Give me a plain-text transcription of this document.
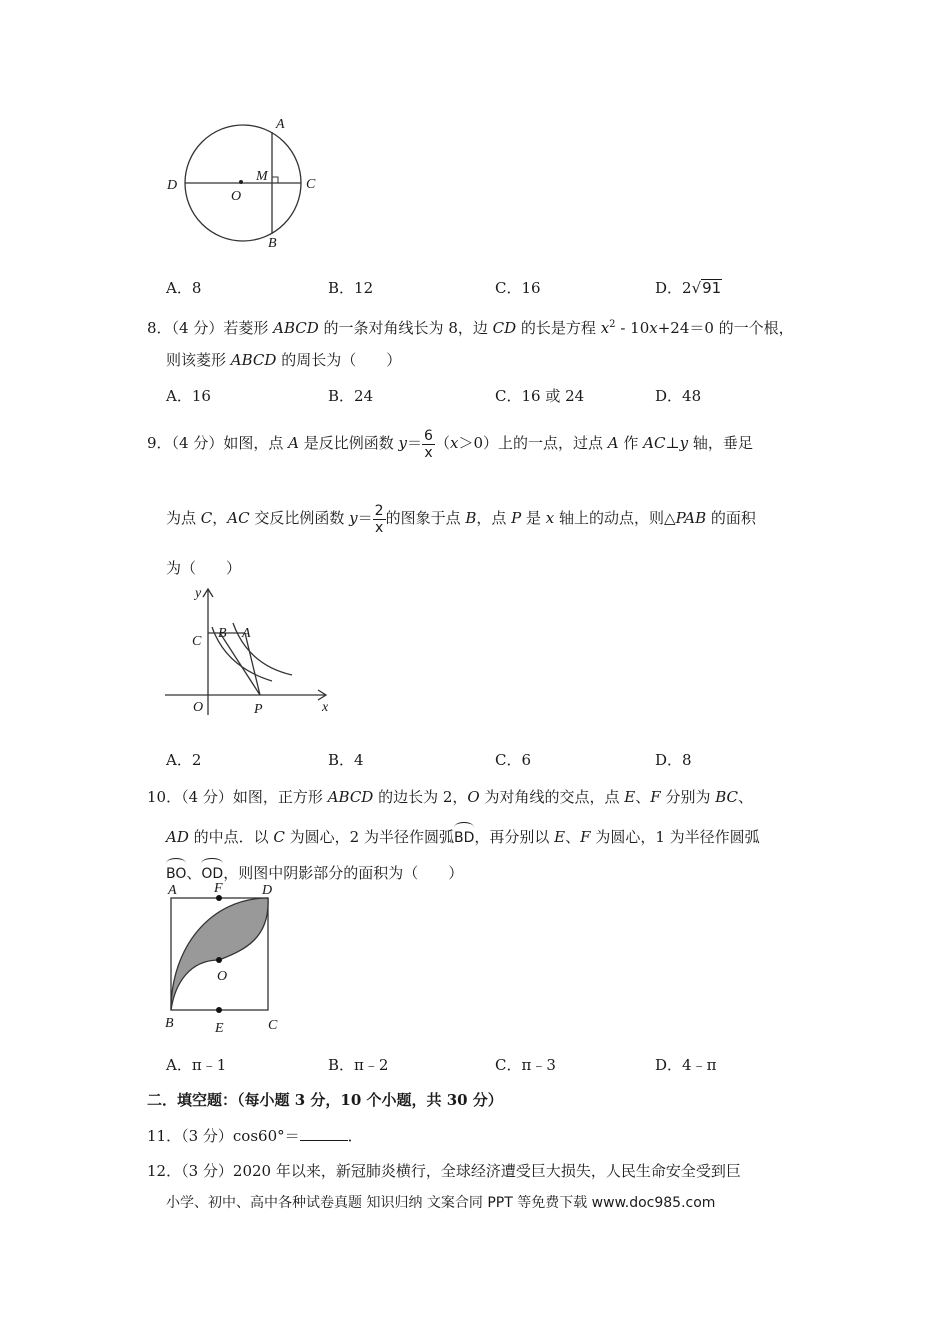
A
B
C
D
O
M
A．8	B．12	C．16	D．2√91
8．（4 分）若菱形 ABCD 的一条对角线长为 8，边 CD 的长是方程 $x^2$ ‑ 10x+24＝0 的一个根，
则该菱形 ABCD 的周长为（　　）
A．16	B．24	C．16 或 24	D．48
9．（4 分）如图，点 A 是反比例函数 $y= \frac{6}{x} (x>0)$上的一点，过点 A 作 AC⊥y 轴，垂足
为点 C，AC 交反比例函数 $y= \frac{2}{x}$ 的图象于点 B，点 P 是 x 轴上的动点，则△PAB 的面积
为（　　）
y
x
O
C
B A
P
A．2	B．4	C．6	D．8
10．（4 分）如图，正方形 ABCD 的边长为 2，O 为对角线的交点，点 E、F 分别为 BC、
AD 的中点．以 C 为圆心，2 为半径作圆弧BD，再分别以 E、F 为圆心，1 为半径作圆弧
BO、OD，则图中阴影部分的面积为（　　）
A	F	D
O
B	E	C
A．π﹣1	B．π﹣2	C．π﹣3	D．4﹣π
二．填空题：（每小题 3 分，10 个小题，共 30 分）
11．（3 分）cos60°＝	．
12．（3 分）2020 年以来，新冠肺炎横行，全球经济遭受巨大损失，人民生命安全受到巨
小学、初中、高中各种试卷真题 知识归纳 文案合同 PPT 等免费下载 www.doc985.com
